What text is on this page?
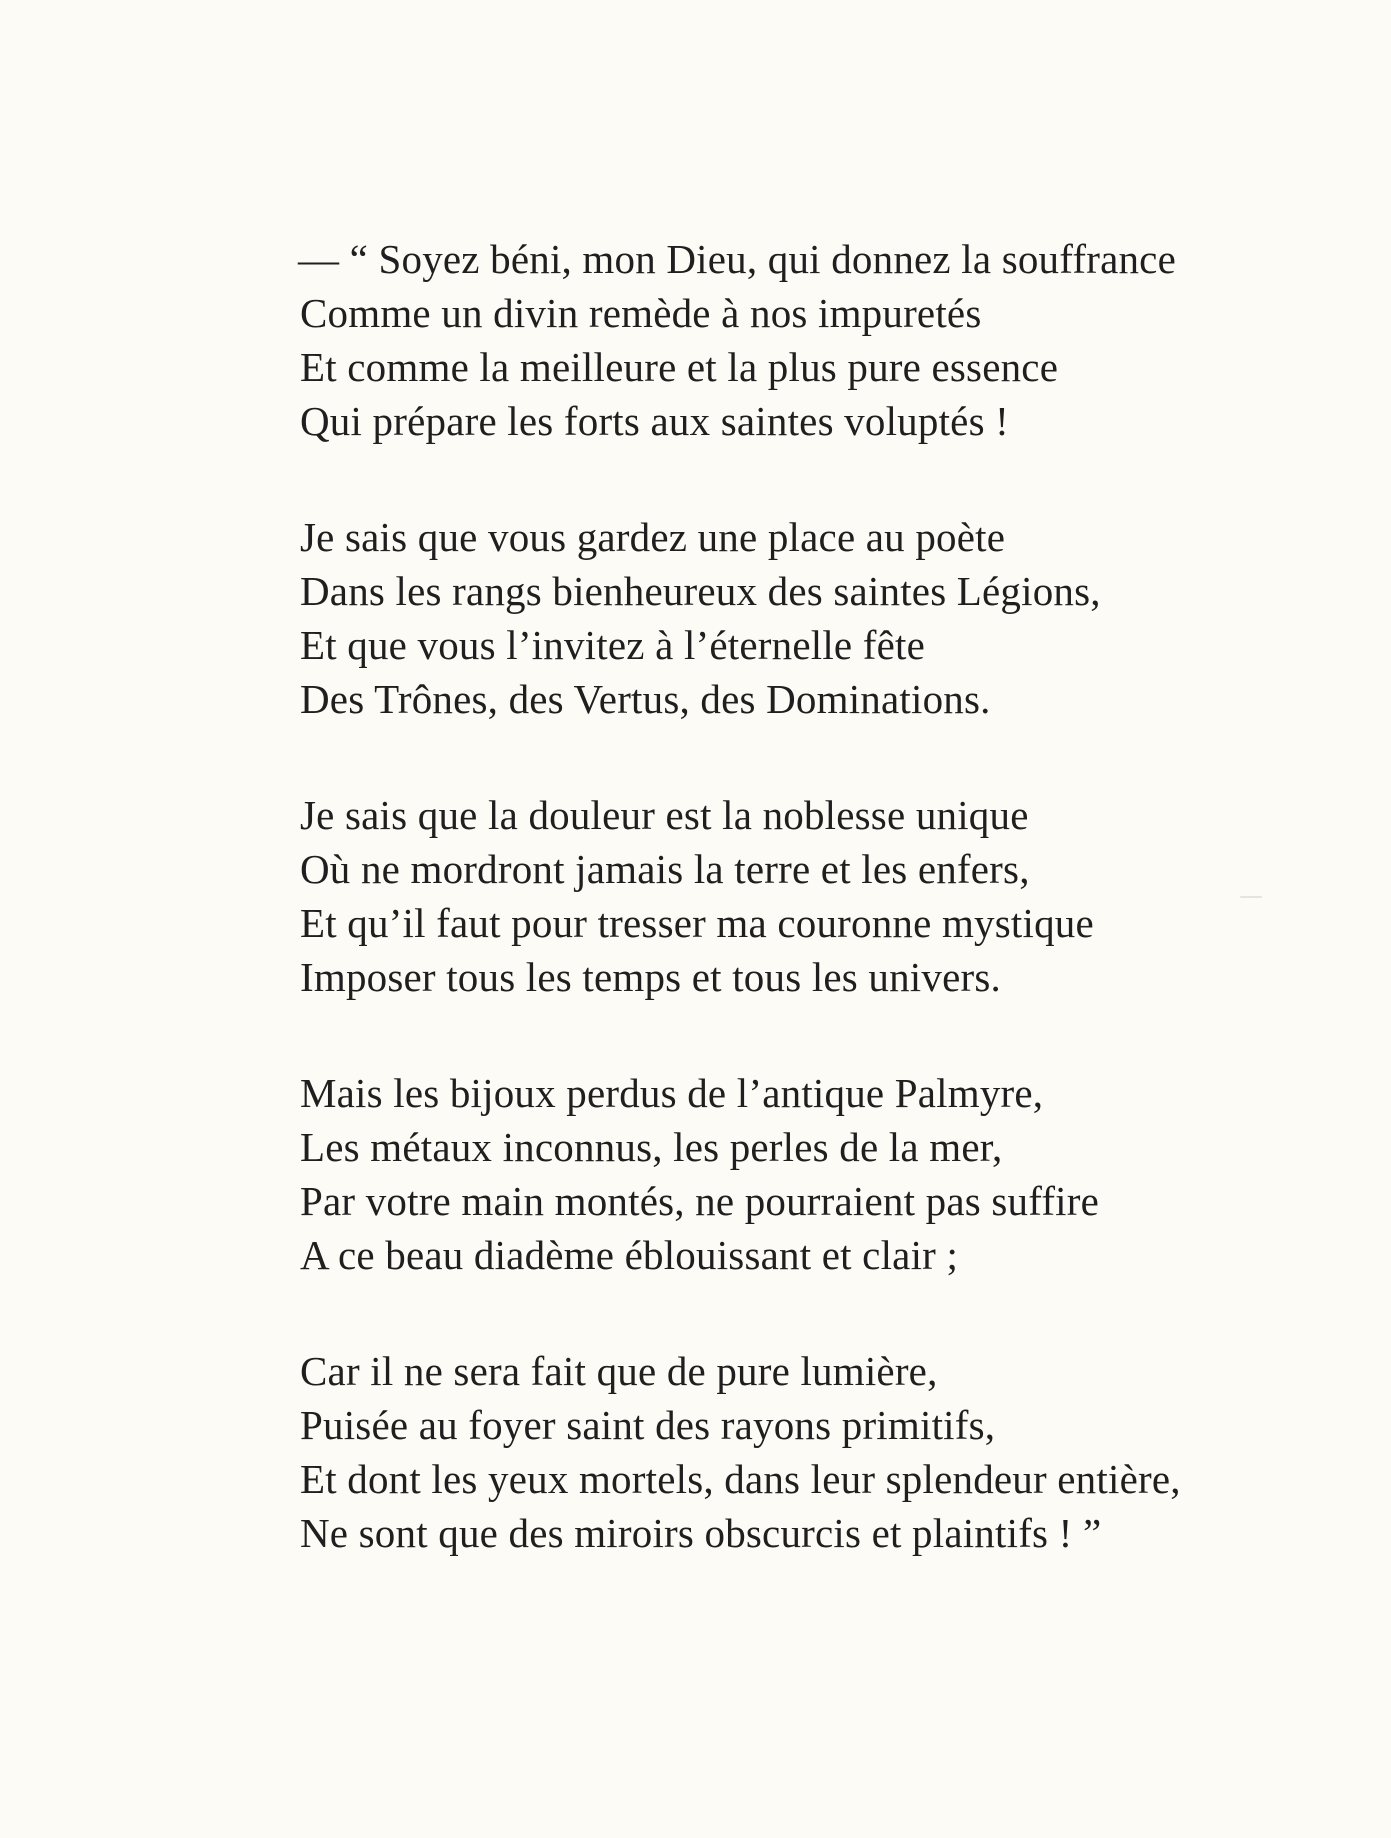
— “ Soyez béni, mon Dieu, qui donnez la souffrance
Comme un divin remède à nos impuretés
Et comme la meilleure et la plus pure essence
Qui prépare les forts aux saintes voluptés !

Je sais que vous gardez une place au poète
Dans les rangs bienheureux des saintes Légions,
Et que vous l’invitez à l’éternelle fête
Des Trônes, des Vertus, des Dominations.

Je sais que la douleur est la noblesse unique
Où ne mordront jamais la terre et les enfers,
Et qu’il faut pour tresser ma couronne mystique
Imposer tous les temps et tous les univers.

Mais les bijoux perdus de l’antique Palmyre,
Les métaux inconnus, les perles de la mer,
Par votre main montés, ne pourraient pas suffire
A ce beau diadème éblouissant et clair ;

Car il ne sera fait que de pure lumière,
Puisée au foyer saint des rayons primitifs,
Et dont les yeux mortels, dans leur splendeur entière,
Ne sont que des miroirs obscurcis et plaintifs ! ”
